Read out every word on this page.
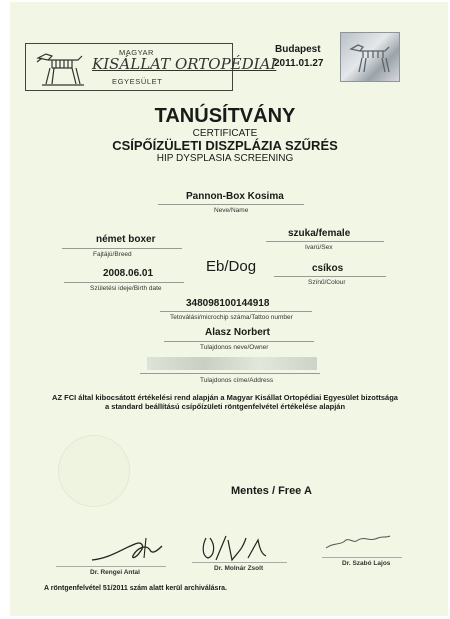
MAGYAR
KISÁLLAT ORTOPÉDIAI
EGYESÜLET
Budapest
2011.01.27
TANÚSÍTVÁNY
CERTIFICATE
CSÍPŐÍZÜLETI DISZPLÁZIA SZŰRÉS
HIP DYSPLASIA SCREENING
Pannon-Box Kosima
Neve/Name
német boxer
Fajtájú/Breed
szuka/female
Ivarú/Sex
Eb/Dog
2008.06.01
Születési ideje/Birth date
csíkos
Színű/Colour
348098100144918
Tetoválási/microchip száma/Tattoo number
Alasz Norbert
Tulajdonos neve/Owner
Tulajdonos címe/Address
AZ FCI által kibocsátott értékelési rend alapján a Magyar Kisállat Ortopédiai Egyesület bizottsága
a standard beállítású csípőízületi röntgenfelvétel értékelése alapján
Mentes / Free A
Dr. Rengei Antal
Dr. Molnár Zsolt
Dr. Szabó Lajos
A röntgenfelvétel 51/2011 szám alatt kerül archiválásra.
